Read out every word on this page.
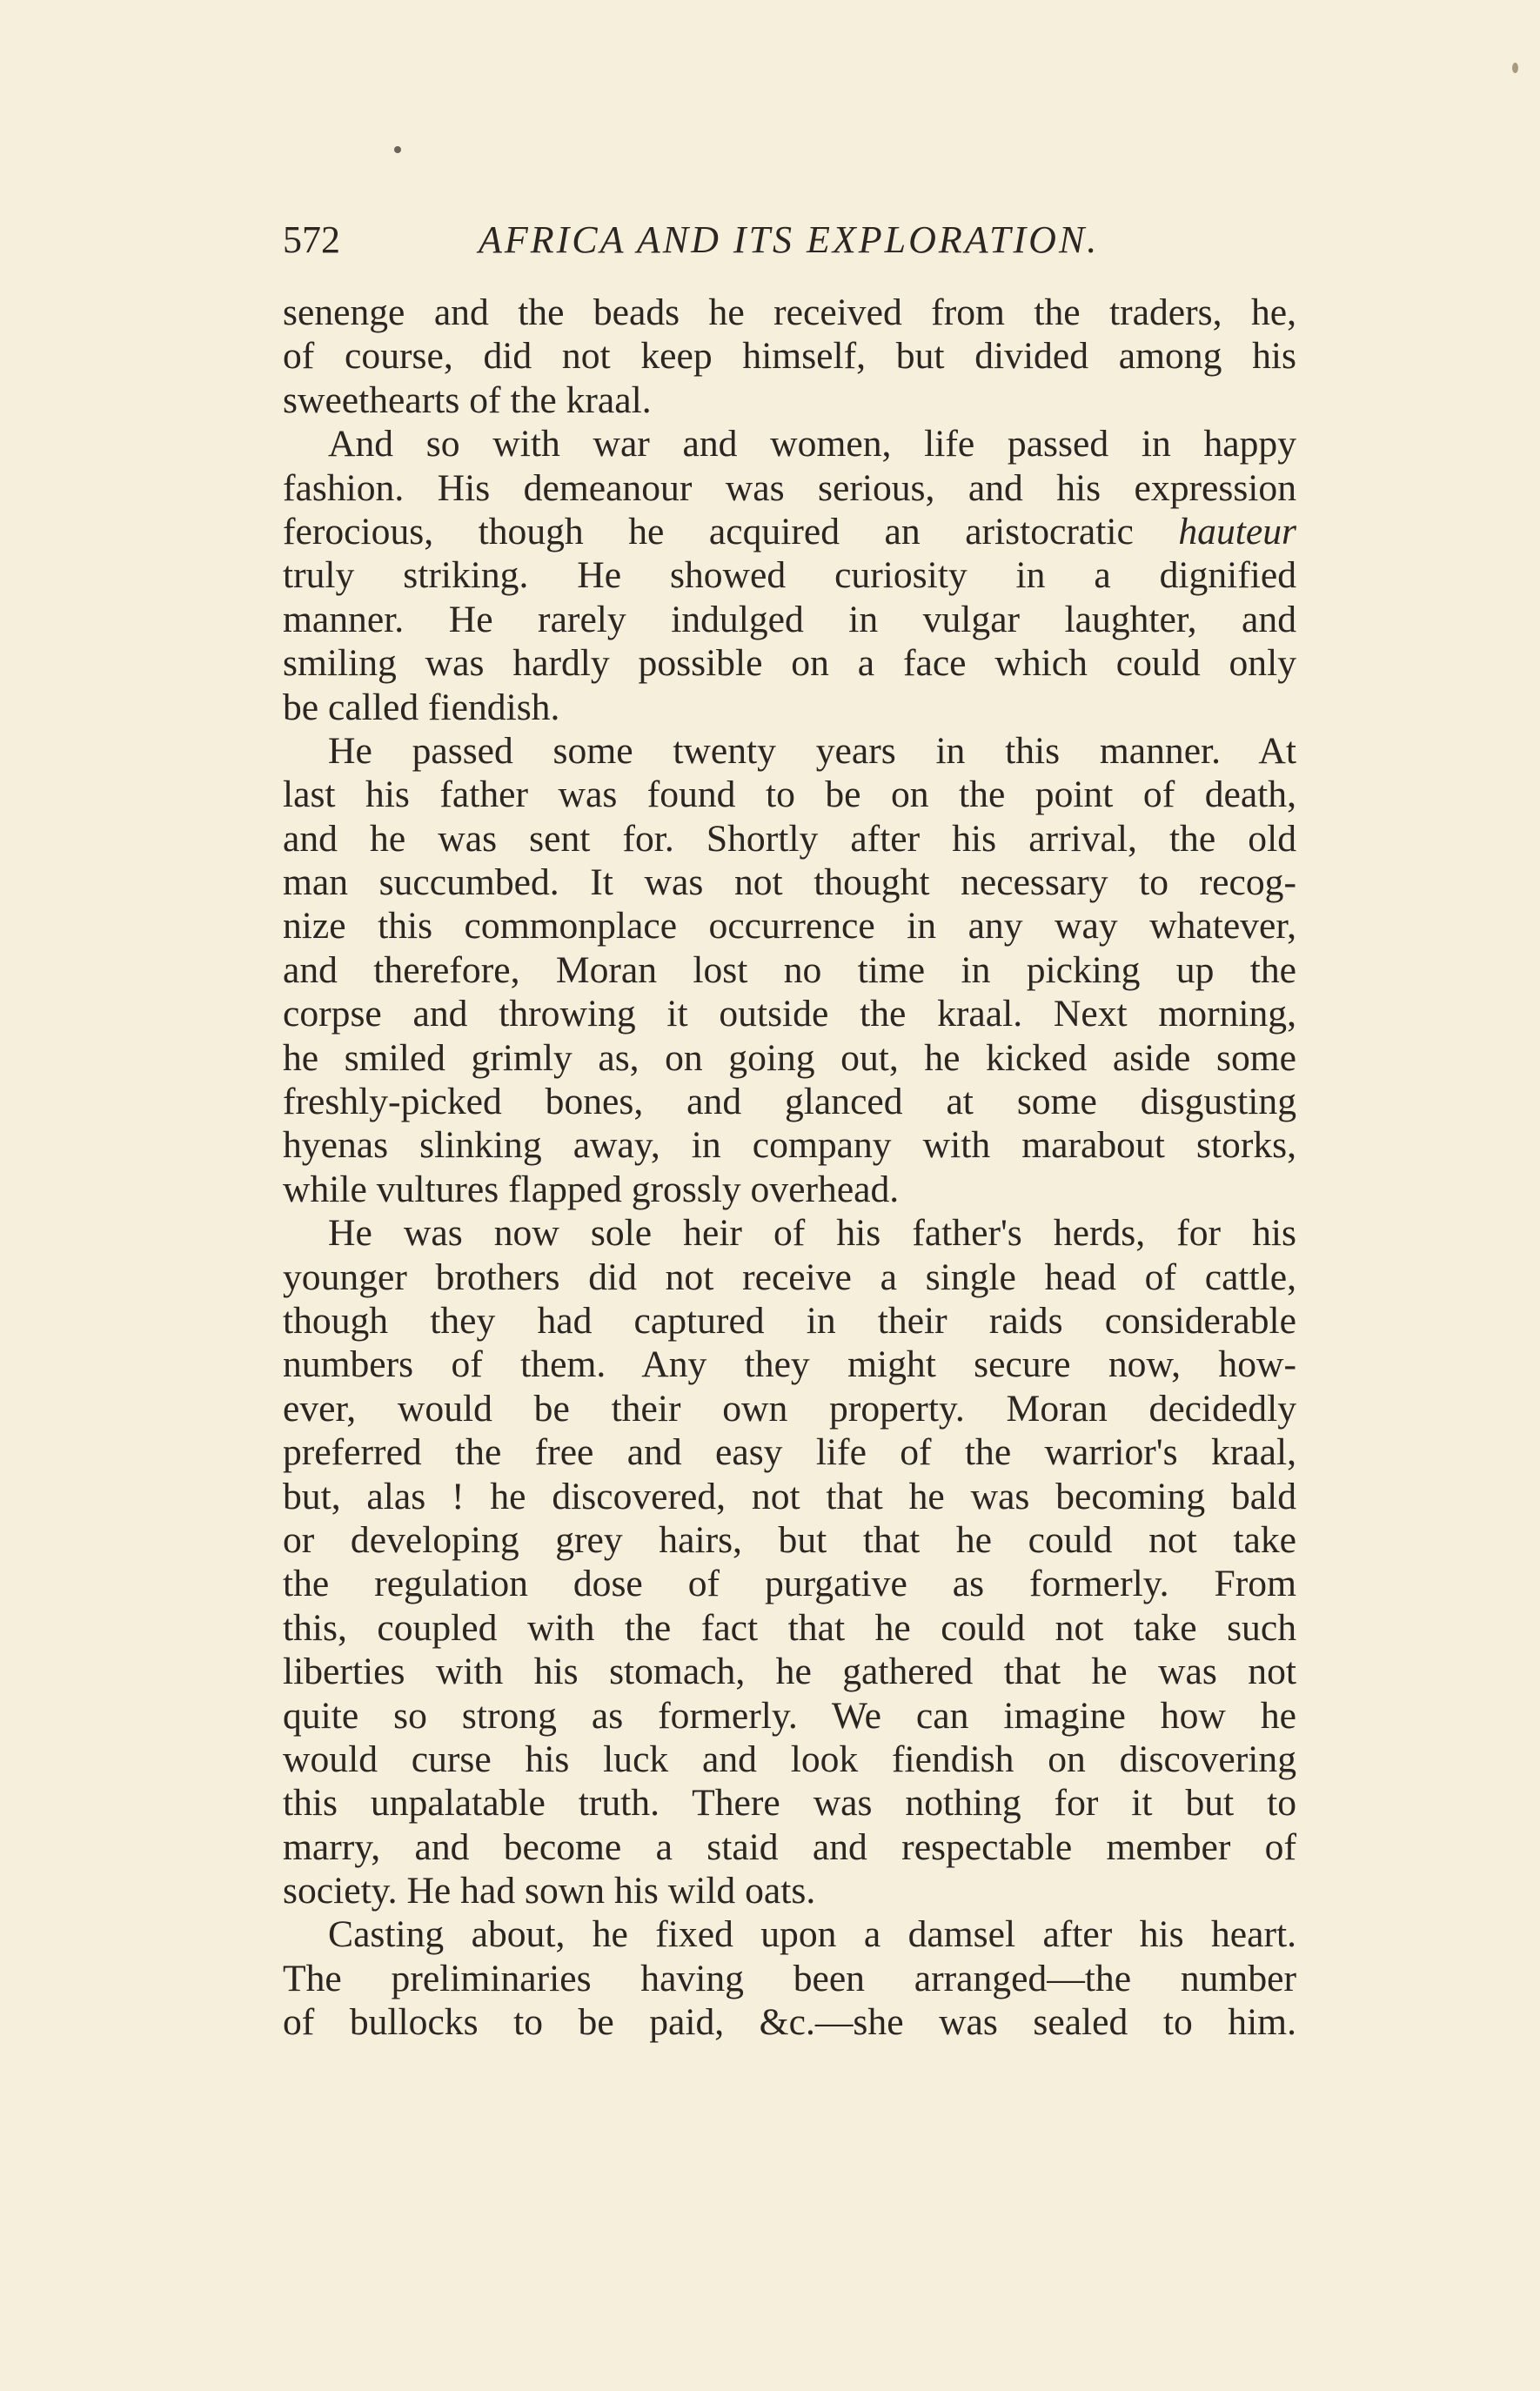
572	AFRICA AND ITS EXPLORATION.
senenge and the beads he received from the traders, he,
of course, did not keep himself, but divided among his
sweethearts of the kraal.
And so with war and women, life passed in happy
fashion. His demeanour was serious, and his expression
ferocious, though he acquired an aristocratic hauteur
truly striking. He showed curiosity in a dignified
manner. He rarely indulged in vulgar laughter, and
smiling was hardly possible on a face which could only
be called fiendish.
He passed some twenty years in this manner. At
last his father was found to be on the point of death,
and he was sent for. Shortly after his arrival, the old
man succumbed. It was not thought necessary to recog-
nize this commonplace occurrence in any way whatever,
and therefore, Moran lost no time in picking up the
corpse and throwing it outside the kraal. Next morning,
he smiled grimly as, on going out, he kicked aside some
freshly-picked bones, and glanced at some disgusting
hyenas slinking away, in company with marabout storks,
while vultures flapped grossly overhead.
He was now sole heir of his father's herds, for his
younger brothers did not receive a single head of cattle,
though they had captured in their raids considerable
numbers of them. Any they might secure now, how-
ever, would be their own property. Moran decidedly
preferred the free and easy life of the warrior's kraal,
but, alas ! he discovered, not that he was becoming bald
or developing grey hairs, but that he could not take
the regulation dose of purgative as formerly. From
this, coupled with the fact that he could not take such
liberties with his stomach, he gathered that he was not
quite so strong as formerly. We can imagine how he
would curse his luck and look fiendish on discovering
this unpalatable truth. There was nothing for it but to
marry, and become a staid and respectable member of
society. He had sown his wild oats.
Casting about, he fixed upon a damsel after his heart.
The preliminaries having been arranged—the number
of bullocks to be paid, &c.—she was sealed to him.
